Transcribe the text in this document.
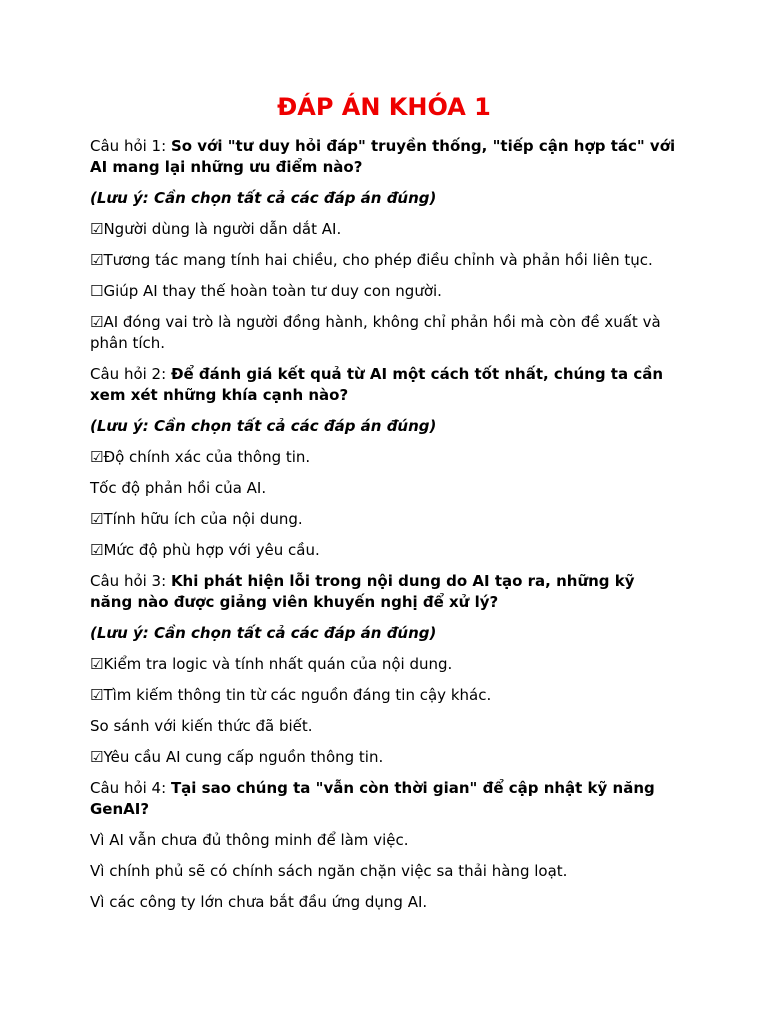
ĐÁP ÁN KHÓA 1

Câu hỏi 1: So với "tư duy hỏi đáp" truyền thống, "tiếp cận hợp tác" với AI mang lại những ưu điểm nào?

(Lưu ý: Cần chọn tất cả các đáp án đúng)

☑Người dùng là người dẫn dắt AI.

☑Tương tác mang tính hai chiều, cho phép điều chỉnh và phản hồi liên tục.

☐Giúp AI thay thế hoàn toàn tư duy con người.

☑AI đóng vai trò là người đồng hành, không chỉ phản hồi mà còn đề xuất và phân tích.

Câu hỏi 2: Để đánh giá kết quả từ AI một cách tốt nhất, chúng ta cần xem xét những khía cạnh nào?

(Lưu ý: Cần chọn tất cả các đáp án đúng)

☑Độ chính xác của thông tin.

Tốc độ phản hồi của AI.

☑Tính hữu ích của nội dung.

☑Mức độ phù hợp với yêu cầu.

Câu hỏi 3: Khi phát hiện lỗi trong nội dung do AI tạo ra, những kỹ năng nào được giảng viên khuyến nghị để xử lý?

(Lưu ý: Cần chọn tất cả các đáp án đúng)

☑Kiểm tra logic và tính nhất quán của nội dung.

☑Tìm kiếm thông tin từ các nguồn đáng tin cậy khác.

So sánh với kiến thức đã biết.

☑Yêu cầu AI cung cấp nguồn thông tin.

Câu hỏi 4: Tại sao chúng ta "vẫn còn thời gian" để cập nhật kỹ năng GenAI?

Vì AI vẫn chưa đủ thông minh để làm việc.

Vì chính phủ sẽ có chính sách ngăn chặn việc sa thải hàng loạt.

Vì các công ty lớn chưa bắt đầu ứng dụng AI.
